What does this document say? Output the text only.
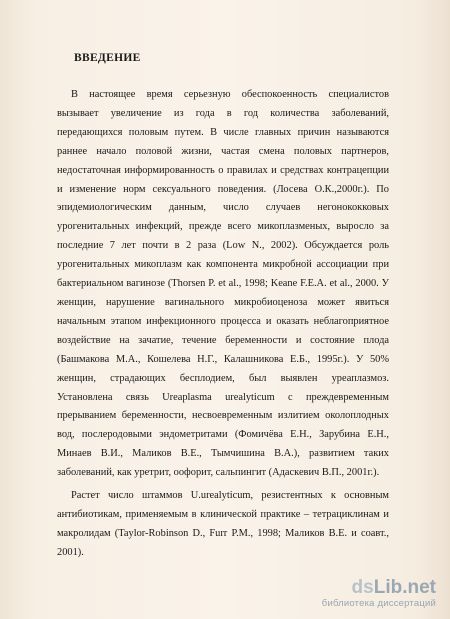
ВВЕДЕНИЕ

В настоящее время серьезную обеспокоенность специалистов вызывает увеличение из года в год количества заболеваний, передающихся половым путем. В числе главных причин называются раннее начало половой жизни, частая смена половых партнеров, недостаточная информированность о правилах и средствах контрацепции и изменение норм сексуального поведения. (Лосева О.К.,2000г.). По эпидемиологическим данным, число случаев негонококковых урогенитальных инфекций, прежде всего микоплазменых, выросло за последние 7 лет почти в 2 раза (Low N., 2002). Обсуждается роль урогенитальных микоплазм как компонента микробной ассоциации при бактериальном вагинозе (Thorsen P. et al., 1998; Keane F.E.A. et al., 2000. У женщин, нарушение вагинального микробиоценоза может явиться начальным этапом инфекционного процесса и оказать неблагоприятное воздействие на зачатие, течение беременности и состояние плода (Башмакова М.А., Кошелева Н.Г., Калашникова Е.Б., 1995г.). У 50% женщин, страдающих бесплодием, был выявлен уреаплазмоз. Установлена связь Ureaplasma urealyticum с преждевременным прерыванием беременности, несвоевременным излитием околоплодных вод, послеродовыми эндометритами (Фомичёва Е.Н., Зарубина Е.Н., Минаев В.И., Маликов В.Е., Тымчишина В.А.), развитием таких заболеваний, как уретрит, оофорит, сальпингит (Адаскевич В.П., 2001г.).

Растет число штаммов U.urealyticum, резистентных к основным антибиотикам, применяемым в клинической практике – тетрациклинам и макролидам (Taylor-Robinson D., Furr P.M., 1998; Маликов В.Е. и соавт., 2001).

dsLib.net
библиотека диссертаций
